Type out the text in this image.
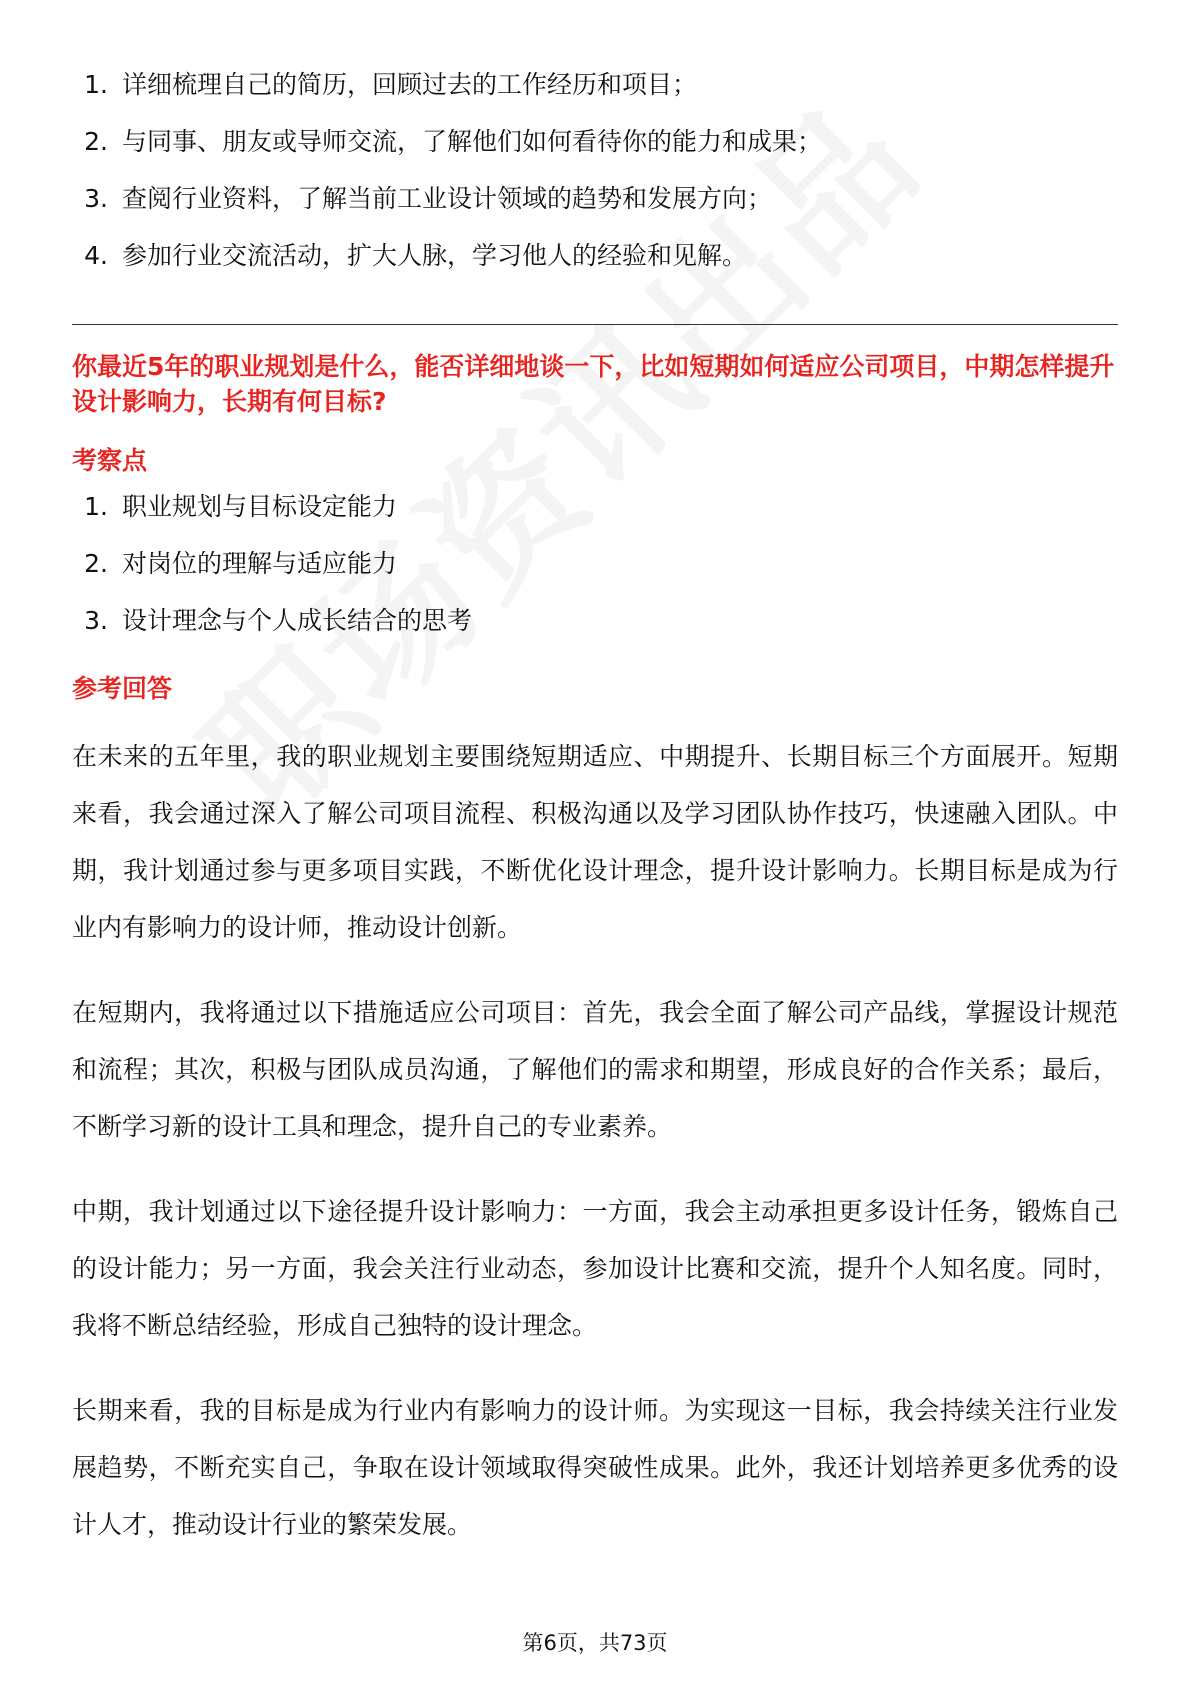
1. 详细梳理自己的简历，回顾过去的工作经历和项目；
2. 与同事、朋友或导师交流，了解他们如何看待你的能力和成果；
3. 查阅行业资料，了解当前工业设计领域的趋势和发展方向；
4. 参加行业交流活动，扩大人脉，学习他人的经验和见解。
你最近5年的职业规划是什么，能否详细地谈一下，比如短期如何适应公司项目，中期怎样提升设计影响力，长期有何目标?
考察点
1. 职业规划与目标设定能力
2. 对岗位的理解与适应能力
3. 设计理念与个人成长结合的思考
参考回答

在未来的五年里，我的职业规划主要围绕短期适应、中期提升、长期目标三个方面展开。短期来看，我会通过深入了解公司项目流程、积极沟通以及学习团队协作技巧，快速融入团队。中期，我计划通过参与更多项目实践，不断优化设计理念，提升设计影响力。长期目标是成为行业内有影响力的设计师，推动设计创新。

在短期内，我将通过以下措施适应公司项目：首先，我会全面了解公司产品线，掌握设计规范和流程；其次，积极与团队成员沟通，了解他们的需求和期望，形成良好的合作关系；最后，不断学习新的设计工具和理念，提升自己的专业素养。

中期，我计划通过以下途径提升设计影响力：一方面，我会主动承担更多设计任务，锻炼自己的设计能力；另一方面，我会关注行业动态，参加设计比赛和交流，提升个人知名度。同时，我将不断总结经验，形成自己独特的设计理念。

长期来看，我的目标是成为行业内有影响力的设计师。为实现这一目标，我会持续关注行业发展趋势，不断充实自己，争取在设计领域取得突破性成果。此外，我还计划培养更多优秀的设计人才，推动设计行业的繁荣发展。

第6页，共73页
